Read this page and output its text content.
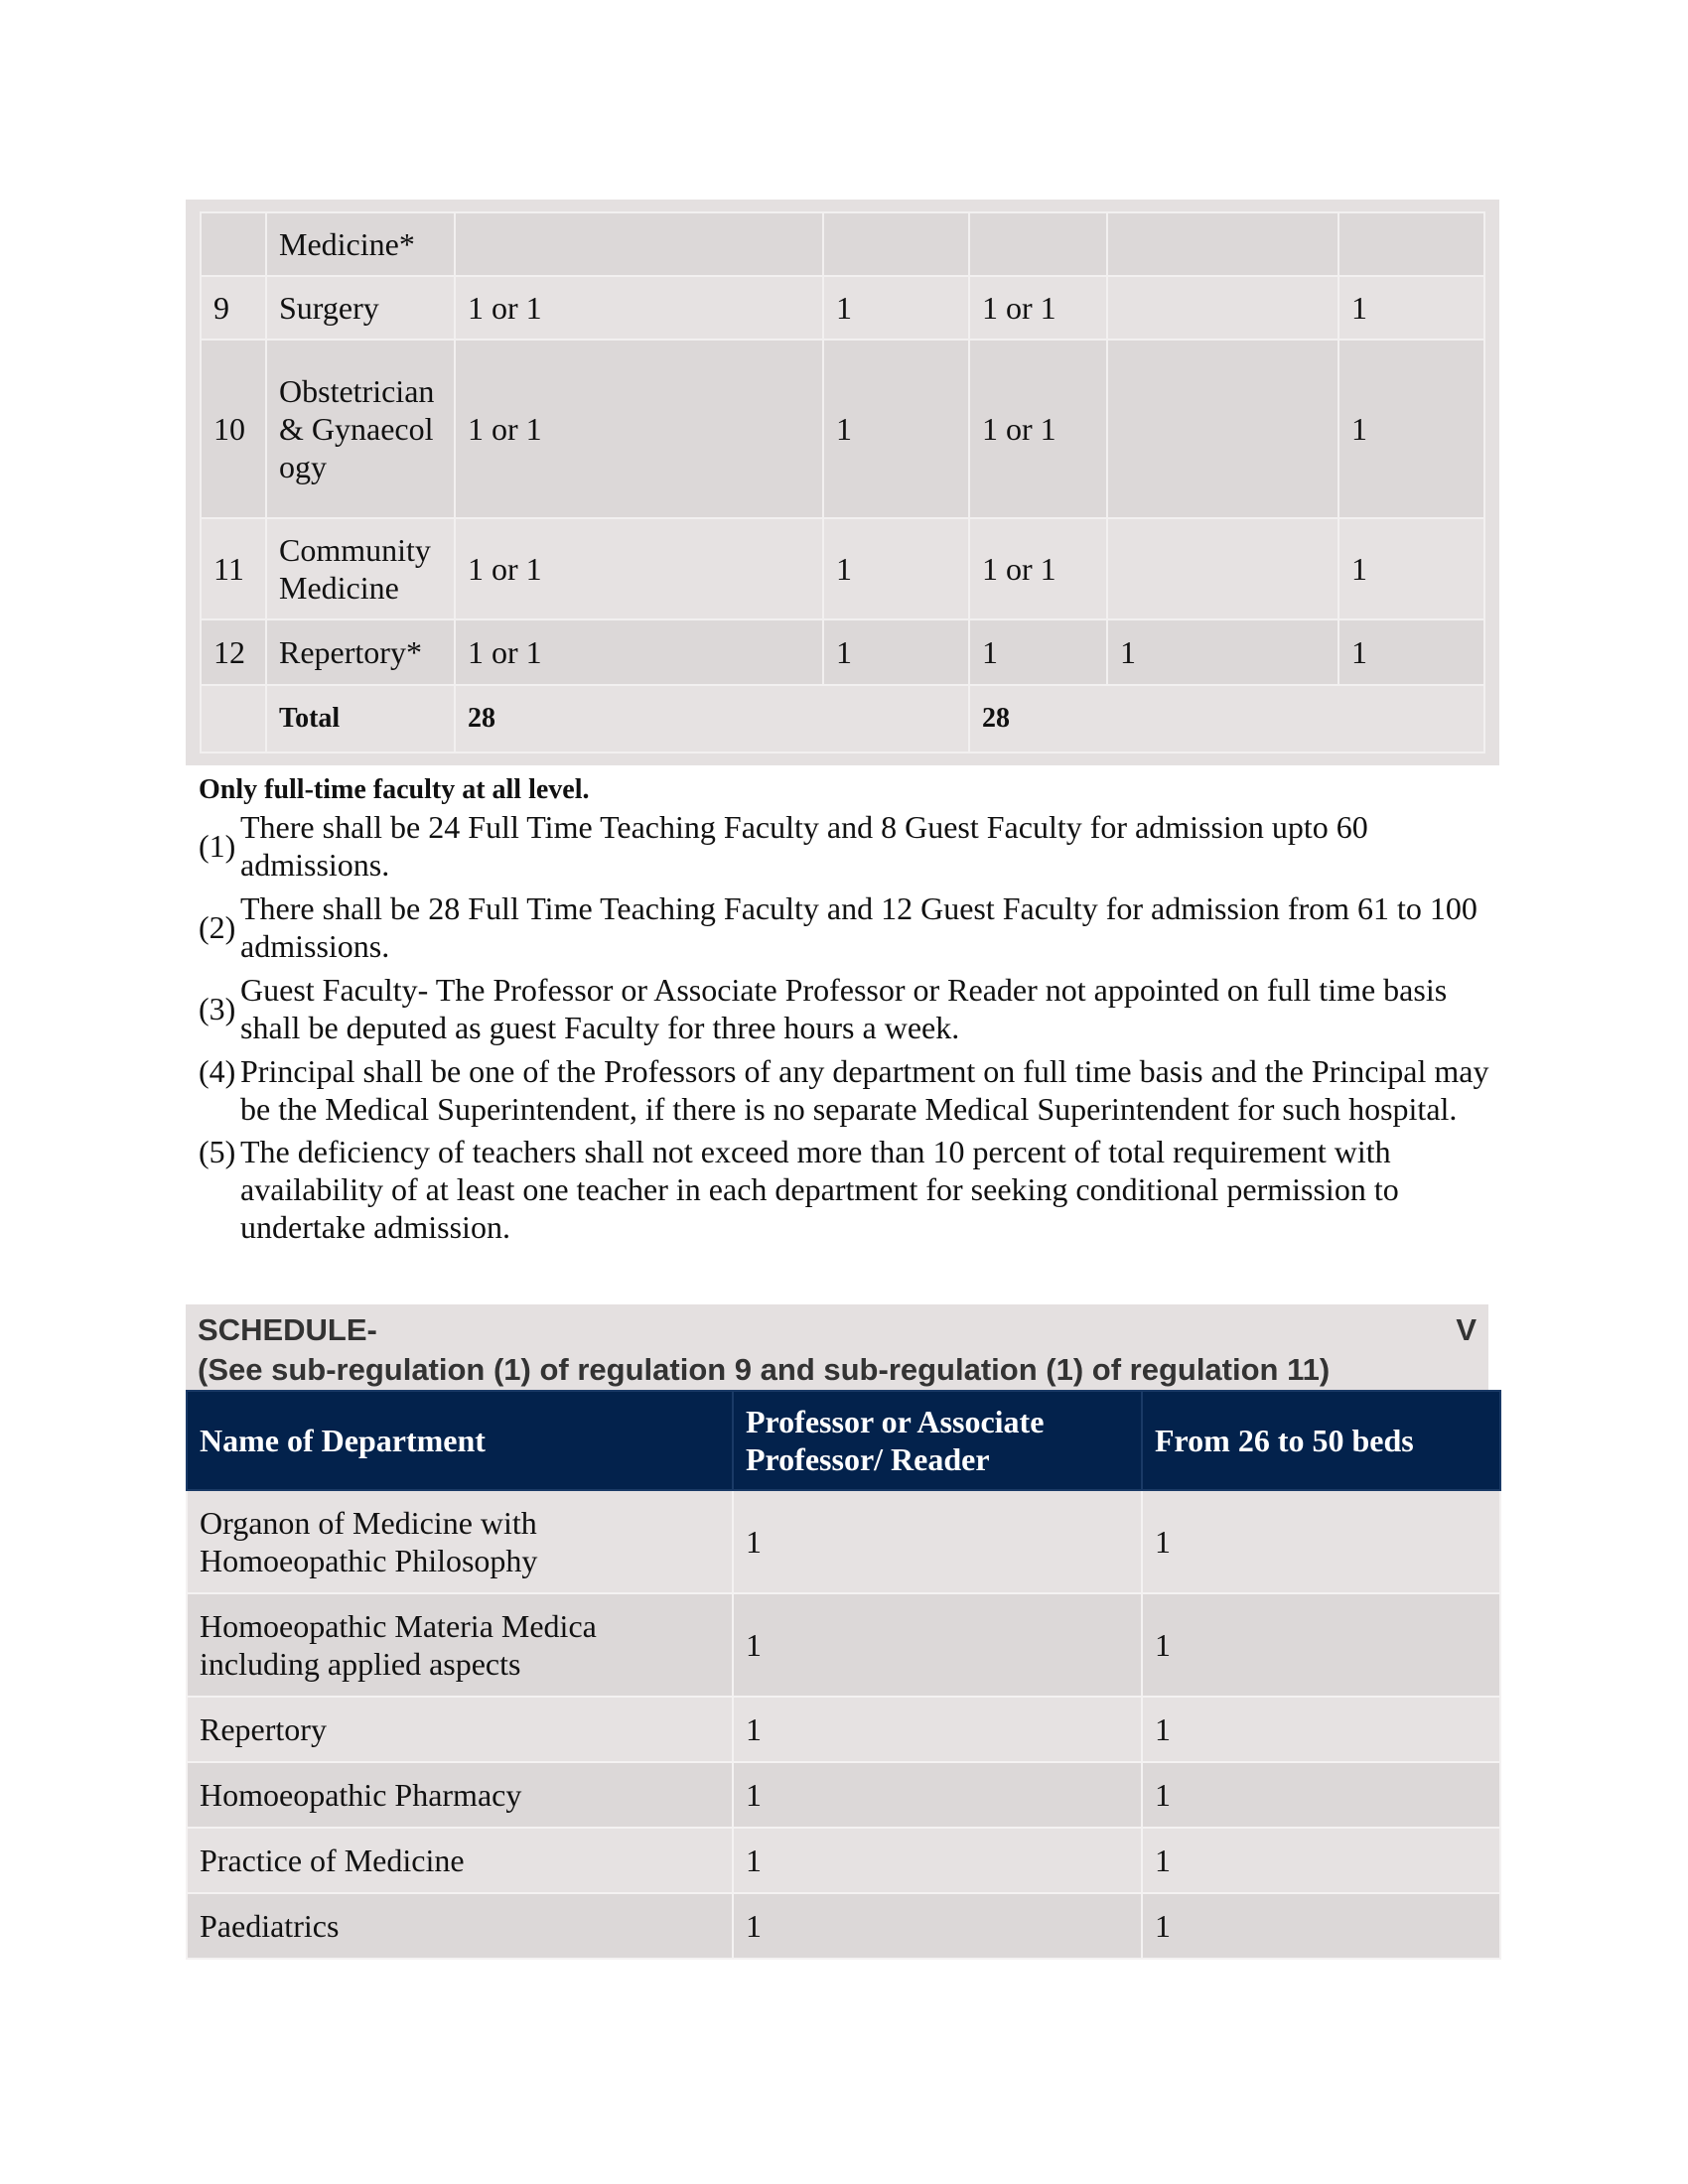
	Medicine*					
9	Surgery	1 or 1	1	1 or 1		1
10	Obstetrician & Gynaecology	1 or 1	1	1 or 1		1
11	Community Medicine	1 or 1	1	1 or 1		1
12	Repertory*	1 or 1	1	1	1	1
	Total	28		28		
Only full-time faculty at all level.
(1)
There shall be 24 Full Time Teaching Faculty and 8 Guest Faculty for admission upto 60 admissions.
(2)
There shall be 28 Full Time Teaching Faculty and 12 Guest Faculty for admission from 61 to 100 admissions.
(3)
Guest Faculty- The Professor or Associate Professor or Reader not appointed on full time basis shall be deputed as guest Faculty for three hours a week.
(4) Principal shall be one of the Professors of any department on full time basis and the Principal may be the Medical Superintendent, if there is no separate Medical Superintendent for such hospital.
(5) The deficiency of teachers shall not exceed more than 10 percent of total requirement with availability of at least one teacher in each department for seeking conditional permission to undertake admission.
SCHEDULE-	V
(See sub-regulation (1) of regulation 9 and sub-regulation (1) of regulation 11)
Name of Department	Professor or Associate Professor/ Reader	From 26 to 50 beds
Organon of Medicine with Homoeopathic Philosophy	1	1
Homoeopathic Materia Medica including applied aspects	1	1
Repertory	1	1
Homoeopathic Pharmacy	1	1
Practice of Medicine	1	1
Paediatrics	1	1
